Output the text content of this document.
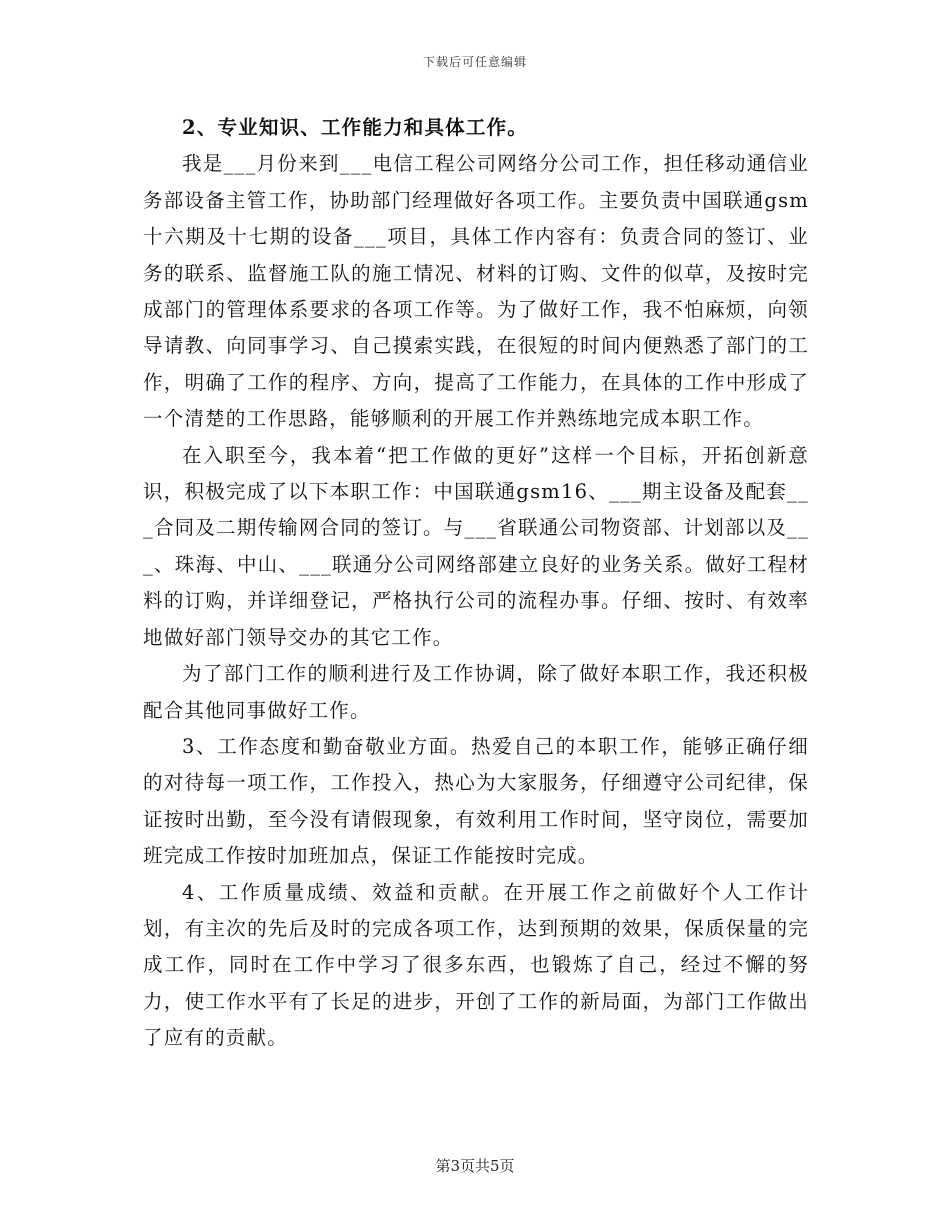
下载后可任意编辑

2、专业知识、工作能力和具体工作。

我是___月份来到___电信工程公司网络分公司工作，担任移动通信业务部设备主管工作，协助部门经理做好各项工作。主要负责中国联通gsm十六期及十七期的设备___项目，具体工作内容有：负责合同的签订、业务的联系、监督施工队的施工情况、材料的订购、文件的似草，及按时完成部门的管理体系要求的各项工作等。为了做好工作，我不怕麻烦，向领导请教、向同事学习、自己摸索实践，在很短的时间内便熟悉了部门的工作，明确了工作的程序、方向，提高了工作能力，在具体的工作中形成了一个清楚的工作思路，能够顺利的开展工作并熟练地完成本职工作。

在入职至今，我本着“把工作做的更好”这样一个目标，开拓创新意识，积极完成了以下本职工作：中国联通gsm16、___期主设备及配套___合同及二期传输网合同的签订。与___省联通公司物资部、计划部以及___、珠海、中山、___联通分公司网络部建立良好的业务关系。做好工程材料的订购，并详细登记，严格执行公司的流程办事。仔细、按时、有效率地做好部门领导交办的其它工作。

为了部门工作的顺利进行及工作协调，除了做好本职工作，我还积极配合其他同事做好工作。

3、工作态度和勤奋敬业方面。热爱自己的本职工作，能够正确仔细的对待每一项工作，工作投入，热心为大家服务，仔细遵守公司纪律，保证按时出勤，至今没有请假现象，有效利用工作时间，坚守岗位，需要加班完成工作按时加班加点，保证工作能按时完成。

4、工作质量成绩、效益和贡献。在开展工作之前做好个人工作计划，有主次的先后及时的完成各项工作，达到预期的效果，保质保量的完成工作，同时在工作中学习了很多东西，也锻炼了自己，经过不懈的努力，使工作水平有了长足的进步，开创了工作的新局面，为部门工作做出了应有的贡献。

第3页共5页
